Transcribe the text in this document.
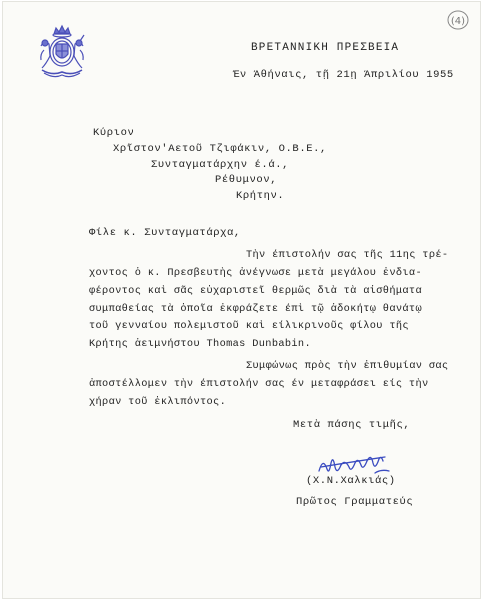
(4)
ΒΡΕΤΑΝΝΙΚΗ ΠΡΕΣΒΕΙΑ
Έν Άθήναις, τῇ 21ῃ Άπριλίου 1955
Κύριον
Χρῖστον'Αετοῦ Τζιφάκιν, Ο.Β.Ε.,
Συνταγματάρχην έ.ά.,
Ρέθυμνον,
Κρήτην.
Φίλε κ. Συνταγματάρχα,
Τὴν έπιστολήν σας τῆς 11ης τρέ-
χοντος ὁ κ. Πρεσβευτὴς ἀνέγνωσε μετὰ μεγάλου ἐνδια-
φέροντος καὶ σᾶς εὐχαριστεῖ θερμῶς διὰ τὰ αἰσθήματα
συμπαθείας τὰ ὁποῖα ἐκφράζετε έπὶ τῷ ἀδοκήτῳ θανάτῳ
τοῦ γενναίου πολεμιστοῦ καὶ είλικρινοῦς φίλου τῆς
Κρήτης ἀειμνήστου Thomas Dunbabin.
Συμφώνως πρὸς τὴν ἐπιθυμίαν σας
ἀποστέλλομεν τὴν έπιστολήν σας έν μεταφράσει είς τὴν
χήραν τοῦ ἐκλιπόντος.
Μετὰ πάσης τιμῆς,
(Χ.Ν.Χαλκιάς)
Πρῶτος Γραμματεύς
